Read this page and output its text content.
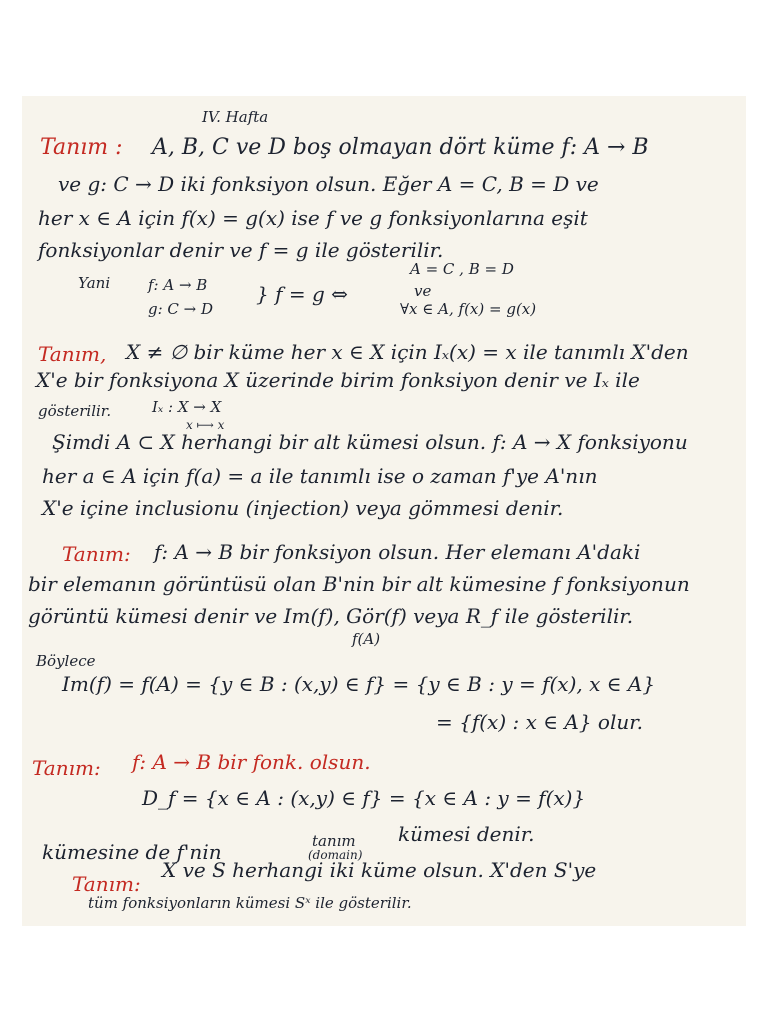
IV. Hafta
Tanım : A, B, C ve D boş olmayan dört küme f: A → B
ve g: C → D iki fonksiyon olsun. Eğer A = C, B = D ve
her x ∈ A için f(x) = g(x) ise f ve g fonksiyonlarına eşit
fonksiyonlar denir ve f = g ile gösterilir.
Yani	f: A → B
g: C → D
} f = g ⇔
A = C , B = D
ve
∀x ∈ A, f(x) = g(x)
Tanım, X ≠ ∅ bir küme her x ∈ X için Iₓ(x) = x ile tanımlı X'den
X'e bir fonksiyona X üzerinde birim fonksiyon denir ve Iₓ ile
gösterilir.	Iₓ : X → X
x ⟼ x
Şimdi A ⊂ X herhangi bir alt kümesi olsun. f: A → X fonksiyonu
her a ∈ A için f(a) = a ile tanımlı ise o zaman f'ye A'nın
X'e içine inclusionu (injection) veya gömmesi denir.
Tanım: f: A → B bir fonksiyon olsun. Her elemanı A'daki
bir elemanın görüntüsü olan B'nin bir alt kümesine f fonksiyonun
görüntü kümesi denir ve Im(f), Gör(f) veya R_f ile gösterilir.
f(A)
Böylece
Im(f) = f(A) = {y ∈ B : (x,y) ∈ f} = {y ∈ B : y = f(x), x ∈ A}
= {f(x) : x ∈ A} olur.
Tanım: f: A → B bir fonk. olsun.
D_f = {x ∈ A : (x,y) ∈ f} = {x ∈ A : y = f(x)}
kümesine de f'nin	tanım
(domain)
kümesi denir.
Tanım:
X ve S herhangi iki küme olsun. X'den S'ye
tüm fonksiyonların kümesi Sˣ ile gösterilir.
